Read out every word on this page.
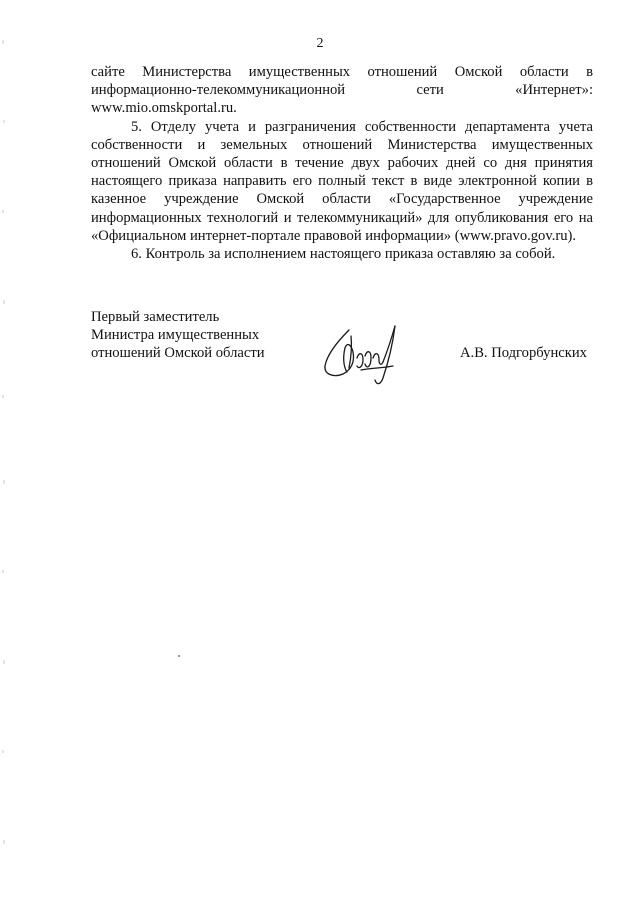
2

сайте Министерства имущественных отношений Омской области в информационно-телекоммуникационной сети «Интернет»: www.mio.omskportal.ru.

5. Отделу учета и разграничения собственности департамента учета собственности и земельных отношений Министерства имущественных отношений Омской области в течение двух рабочих дней со дня принятия настоящего приказа направить его полный текст в виде электронной копии в казенное учреждение Омской области «Государственное учреждение информационных технологий и телекоммуникаций» для опубликования его на «Официальном интернет-портале правовой информации» (www.pravo.gov.ru).

6. Контроль за исполнением настоящего приказа оставляю за собой.

Первый заместитель
Министра имущественных
отношений Омской области	А.В. Подгорбунских
